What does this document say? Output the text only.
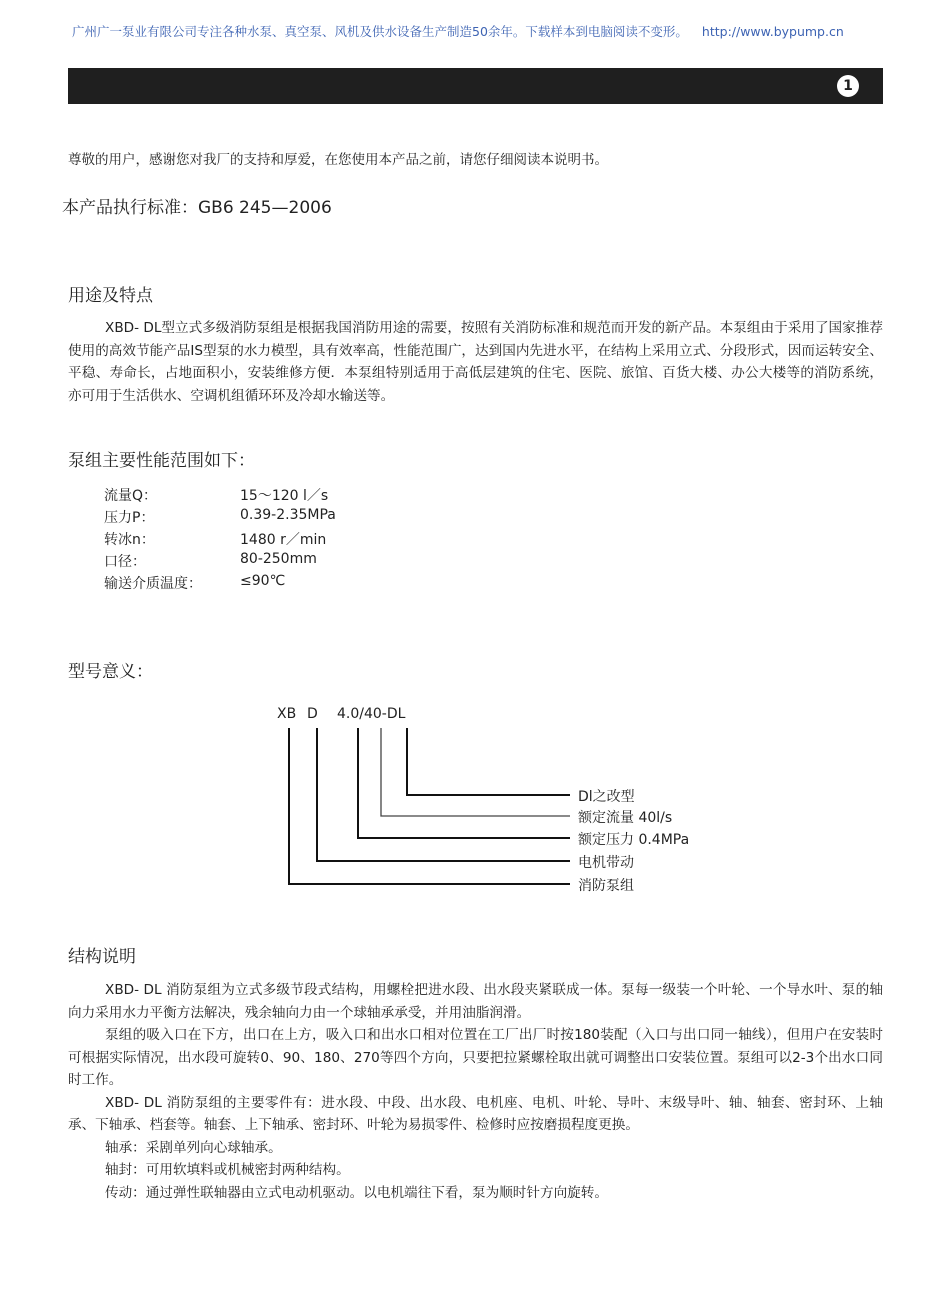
广州广一泵业有限公司专注各种水泵、真空泵、风机及供水设备生产制造50余年。下载样本到电脑阅读不变形。 http://www.bypump.cn
1
尊敬的用户，感谢您对我厂的支持和厚爱，在您使用本产品之前，请您仔细阅读本说明书。
本产品执行标准：GB6 245—2006
用途及特点

XBD- DL型立式多级消防泵组是根据我国消防用途的需要，按照有关消防标准和规范而开发的新产品。本泵组由于采用了国家推荐使用的高效节能产品IS型泵的水力模型，具有效率高，性能范围广，达到国内先进水平，在结构上采用立式、分段形式，因而运转安全、平稳、寿命长，占地面积小，安装维修方便．本泵组特别适用于高低层建筑的住宅、医院、旅馆、百货大楼、办公大楼等的消防系统，亦可用于生活供水、空调机组循环环及冷却水输送等。

泵组主要性能范围如下：
流量Q：	15～120 l／s
压力P：	0.39-2.35MPa
转冰n：	1480 r／min
口径：	80-250mm
输送介质温度：	≤90℃
型号意义：
XB D 4.0/40-DL
Dl之改型
额定流量 40l/s
额定压力 0.4MPa
电机带动
消防泵组
结构说明

XBD- DL 消防泵组为立式多级节段式结构，用螺栓把进水段、出水段夹紧联成一体。泵每一级装一个叶轮、一个导水叶、泵的轴向力采用水力平衡方法解决，残余轴向力由一个球轴承承受，并用油脂润滑。

泵组的吸入口在下方，出口在上方，吸入口和出水口相对位置在工厂出厂时按180装配（入口与出口同一轴线），但用户在安装时可根据实际情况，出水段可旋转0、90、180、270等四个方向，只要把拉紧螺栓取出就可调整出口安装位置。泵组可以2-3个出水口同时工作。

XBD- DL 消防泵组的主要零件有：进水段、中段、出水段、电机座、电机、叶轮、导叶、末级导叶、轴、轴套、密封环、上轴承、下轴承、档套等。轴套、上下轴承、密封环、叶轮为易损零件、检修时应按磨损程度更换。

轴承：采剧单列向心球轴承。

轴封：可用软填料或机械密封两种结构。

传动：通过弹性联轴器由立式电动机驱动。以电机端往下看，泵为顺时针方向旋转。
